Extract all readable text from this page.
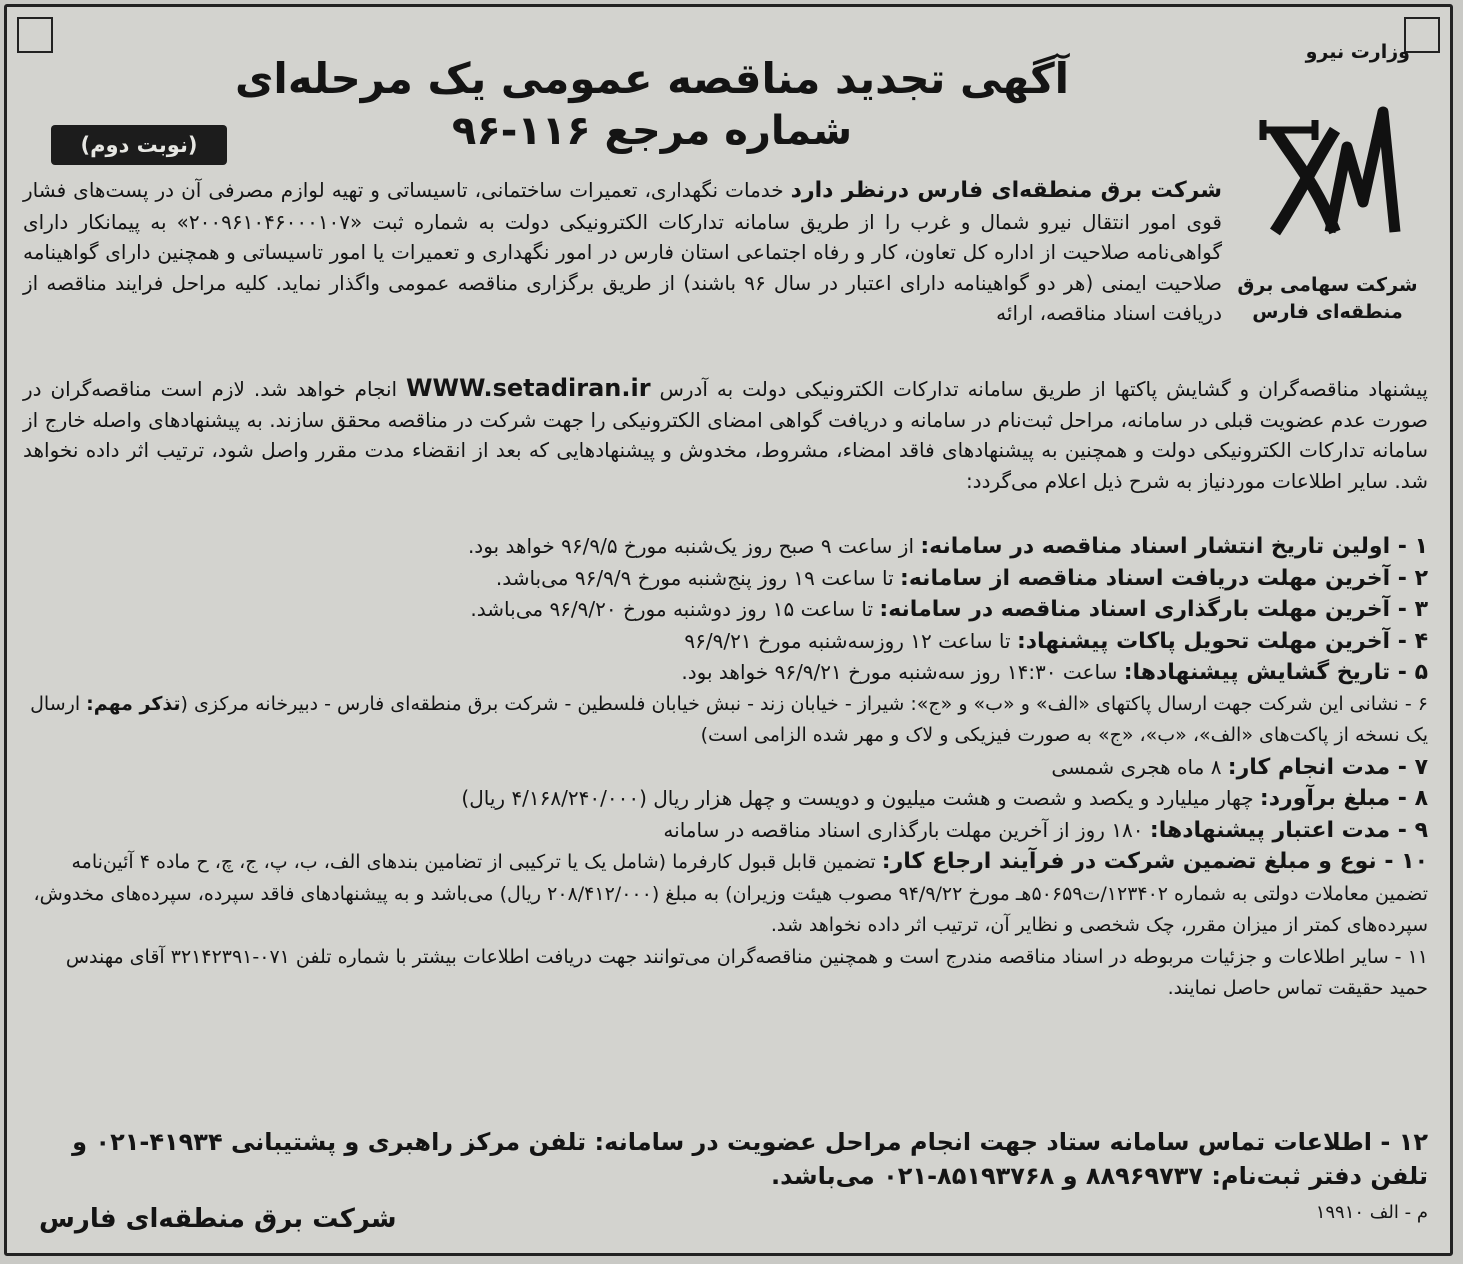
وزارت نیرو
شرکت سهامی برق منطقه‌ای فارس
آگهی تجدید مناقصه عمومی یک مرحله‌ای
شماره مرجع ۱۱۶-۹۶
(نوبت دوم)
شرکت برق منطقه‌ای فارس درنظر دارد خدمات نگهداری، تعمیرات ساختمانی، تاسیساتی و تهیه لوازم مصرفی آن در پست‌های فشار قوی امور انتقال نیرو شمال و غرب را از طریق سامانه تدارکات الکترونیکی دولت به شماره ثبت «۲۰۰۹۶۱۰۴۶۰۰۰۱۰۷» به پیمانکار دارای گواهی‌نامه صلاحیت از اداره کل تعاون، کار و رفاه اجتماعی استان فارس در امور نگهداری و تعمیرات یا امور تاسیساتی و همچنین دارای گواهینامه صلاحیت ایمنی (هر دو گواهینامه دارای اعتبار در سال ۹۶ باشند) از طریق برگزاری مناقصه عمومی واگذار نماید. کلیه مراحل فرایند مناقصه از دریافت اسناد مناقصه، ارائه
پیشنهاد مناقصه‌گران و گشایش پاکتها از طریق سامانه تدارکات الکترونیکی دولت به آدرس WWW.setadiran.ir انجام خواهد شد. لازم است مناقصه‌گران در صورت عدم عضویت قبلی در سامانه، مراحل ثبت‌نام در سامانه و دریافت گواهی امضای الکترونیکی را جهت شرکت در مناقصه محقق سازند. به پیشنهادهای واصله خارج از سامانه تدارکات الکترونیکی دولت و همچنین به پیشنهادهای فاقد امضاء، مشروط، مخدوش و پیشنهادهایی که بعد از انقضاء مدت مقرر واصل شود، ترتیب اثر داده نخواهد شد. سایر اطلاعات موردنیاز به شرح ذیل اعلام می‌گردد:
۱ - اولین تاریخ انتشار اسناد مناقصه در سامانه: از ساعت ۹ صبح روز یک‌شنبه مورخ ۹۶/۹/۵ خواهد بود.
۲ - آخرین مهلت دریافت اسناد مناقصه از سامانه: تا ساعت ۱۹ روز پنج‌شنبه مورخ ۹۶/۹/۹ می‌باشد.
۳ - آخرین مهلت بارگذاری اسناد مناقصه در سامانه: تا ساعت ۱۵ روز دوشنبه مورخ ۹۶/۹/۲۰ می‌باشد.
۴ - آخرین مهلت تحویل پاکات پیشنهاد: تا ساعت ۱۲ روزسه‌شنبه مورخ ۹۶/۹/۲۱
۵ - تاریخ گشایش پیشنهادها: ساعت ۱۴:۳۰ روز سه‌شنبه مورخ ۹۶/۹/۲۱ خواهد بود.
۶ - نشانی این شرکت جهت ارسال پاکتهای «الف» و «ب» و «ج»: شیراز - خیابان زند - نبش خیابان فلسطین - شرکت برق منطقه‌ای فارس - دبیرخانه مرکزی (تذکر مهم: ارسال یک نسخه از پاکت‌های «الف»، «ب»، «ج» به صورت فیزیکی و لاک و مهر شده الزامی است)
۷ - مدت انجام کار: ۸ ماه هجری شمسی
۸ - مبلغ برآورد: چهار میلیارد و یکصد و شصت و هشت میلیون و دویست و چهل هزار ریال (۴/۱۶۸/۲۴۰/۰۰۰ ریال)
۹ - مدت اعتبار پیشنهادها: ۱۸۰ روز از آخرین مهلت بارگذاری اسناد مناقصه در سامانه
۱۰ - نوع و مبلغ تضمین شرکت در فرآیند ارجاع کار: تضمین قابل قبول کارفرما (شامل یک یا ترکیبی از تضامین بندهای الف، ب، پ، ج، چ، ح ماده ۴ آئین‌نامه تضمین معاملات دولتی به شماره ۱۲۳۴۰۲/ت۵۰۶۵۹هـ مورخ ۹۴/۹/۲۲ مصوب هیئت وزیران) به مبلغ (۲۰۸/۴۱۲/۰۰۰ ریال) می‌باشد و به پیشنهادهای فاقد سپرده، سپرده‌های مخدوش، سپرده‌های کمتر از میزان مقرر، چک شخصی و نظایر آن، ترتیب اثر داده نخواهد شد.
۱۱ - سایر اطلاعات و جزئیات مربوطه در اسناد مناقصه مندرج است و همچنین مناقصه‌گران می‌توانند جهت دریافت اطلاعات بیشتر با شماره تلفن ۰۷۱-۳۲۱۴۲۳۹۱ آقای مهندس حمید حقیقت تماس حاصل نمایند.
۱۲ - اطلاعات تماس سامانه ستاد جهت انجام مراحل عضویت در سامانه: تلفن مرکز راهبری و پشتیبانی ۴۱۹۳۴-۰۲۱ و تلفن دفتر ثبت‌نام: ۸۸۹۶۹۷۳۷ و ۸۵۱۹۳۷۶۸-۰۲۱ می‌باشد.
م - الف ۱۹۹۱۰
شرکت برق منطقه‌ای فارس
